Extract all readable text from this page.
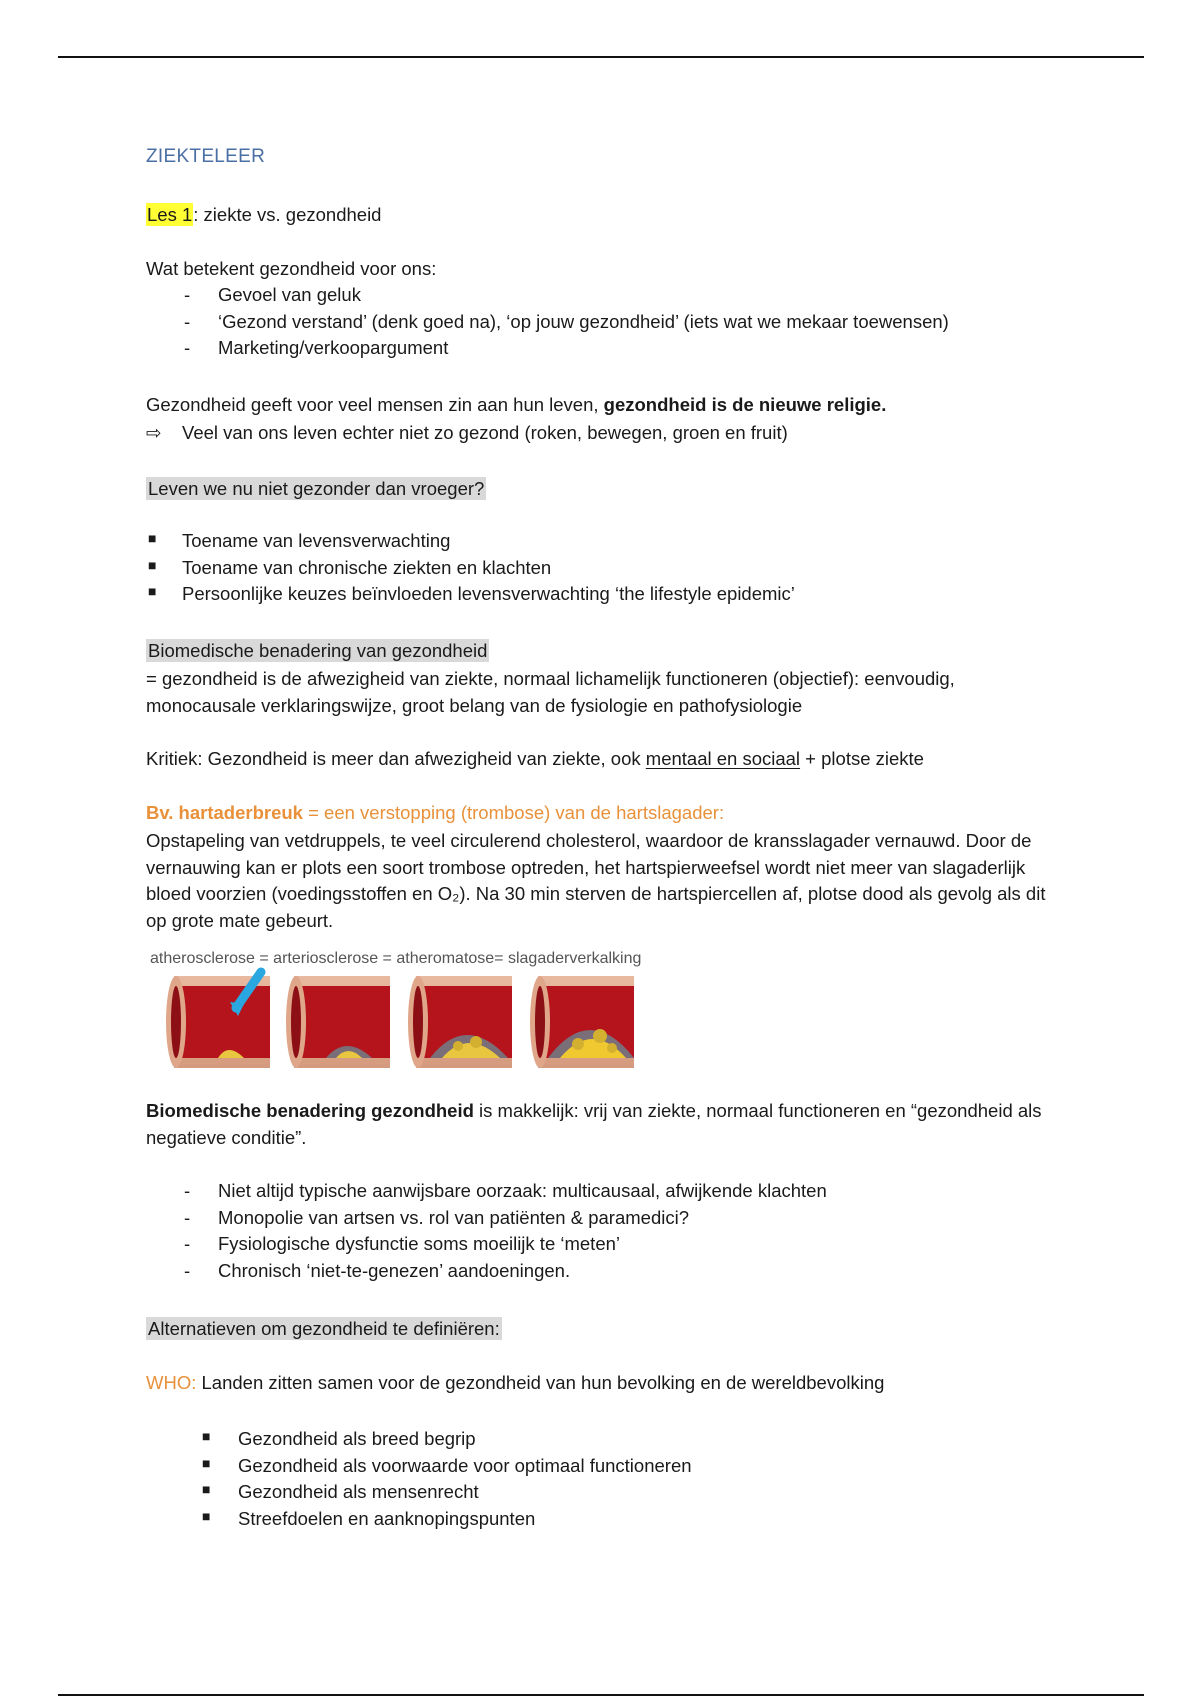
ZIEKTELEER
Les 1: ziekte vs. gezondheid
Wat betekent gezondheid voor ons:
- Gevoel van geluk
- ‘Gezond verstand’ (denk goed na), ‘op jouw gezondheid’ (iets wat we mekaar toewensen)
- Marketing/verkoopargument
Gezondheid geeft voor veel mensen zin aan hun leven, gezondheid is de nieuwe religie.
⇨ Veel van ons leven echter niet zo gezond (roken, bewegen, groen en fruit)
Leven we nu niet gezonder dan vroeger?
■ Toename van levensverwachting
■ Toename van chronische ziekten en klachten
■ Persoonlijke keuzes beïnvloeden levensverwachting ‘the lifestyle epidemic’
Biomedische benadering van gezondheid
= gezondheid is de afwezigheid van ziekte, normaal lichamelijk functioneren (objectief): eenvoudig, monocausale verklaringswijze, groot belang van de fysiologie en pathofysiologie
Kritiek: Gezondheid is meer dan afwezigheid van ziekte, ook mentaal en sociaal + plotse ziekte
Bv. hartaderbreuk = een verstopping (trombose) van de hartslagader:
Opstapeling van vetdruppels, te veel circulerend cholesterol, waardoor de kransslagader vernauwd. Door de vernauwing kan er plots een soort trombose optreden, het hartspierweefsel wordt niet meer van slagaderlijk bloed voorzien (voedingsstoffen en O₂). Na 30 min sterven de hartspiercellen af, plotse dood als gevolg als dit op grote mate gebeurt.
atherosclerose = arteriosclerose = atheromatose= slagaderverkalking
Biomedische benadering gezondheid is makkelijk: vrij van ziekte, normaal functioneren en “gezondheid als negatieve conditie”.
- Niet altijd typische aanwijsbare oorzaak: multicausaal, afwijkende klachten
- Monopolie van artsen vs. rol van patiënten & paramedici?
- Fysiologische dysfunctie soms moeilijk te ‘meten’
- Chronisch ‘niet-te-genezen’ aandoeningen.
Alternatieven om gezondheid te definiëren:
WHO: Landen zitten samen voor de gezondheid van hun bevolking en de wereldbevolking
■ Gezondheid als breed begrip
■ Gezondheid als voorwaarde voor optimaal functioneren
■ Gezondheid als mensenrecht
■ Streefdoelen en aanknopingspunten
